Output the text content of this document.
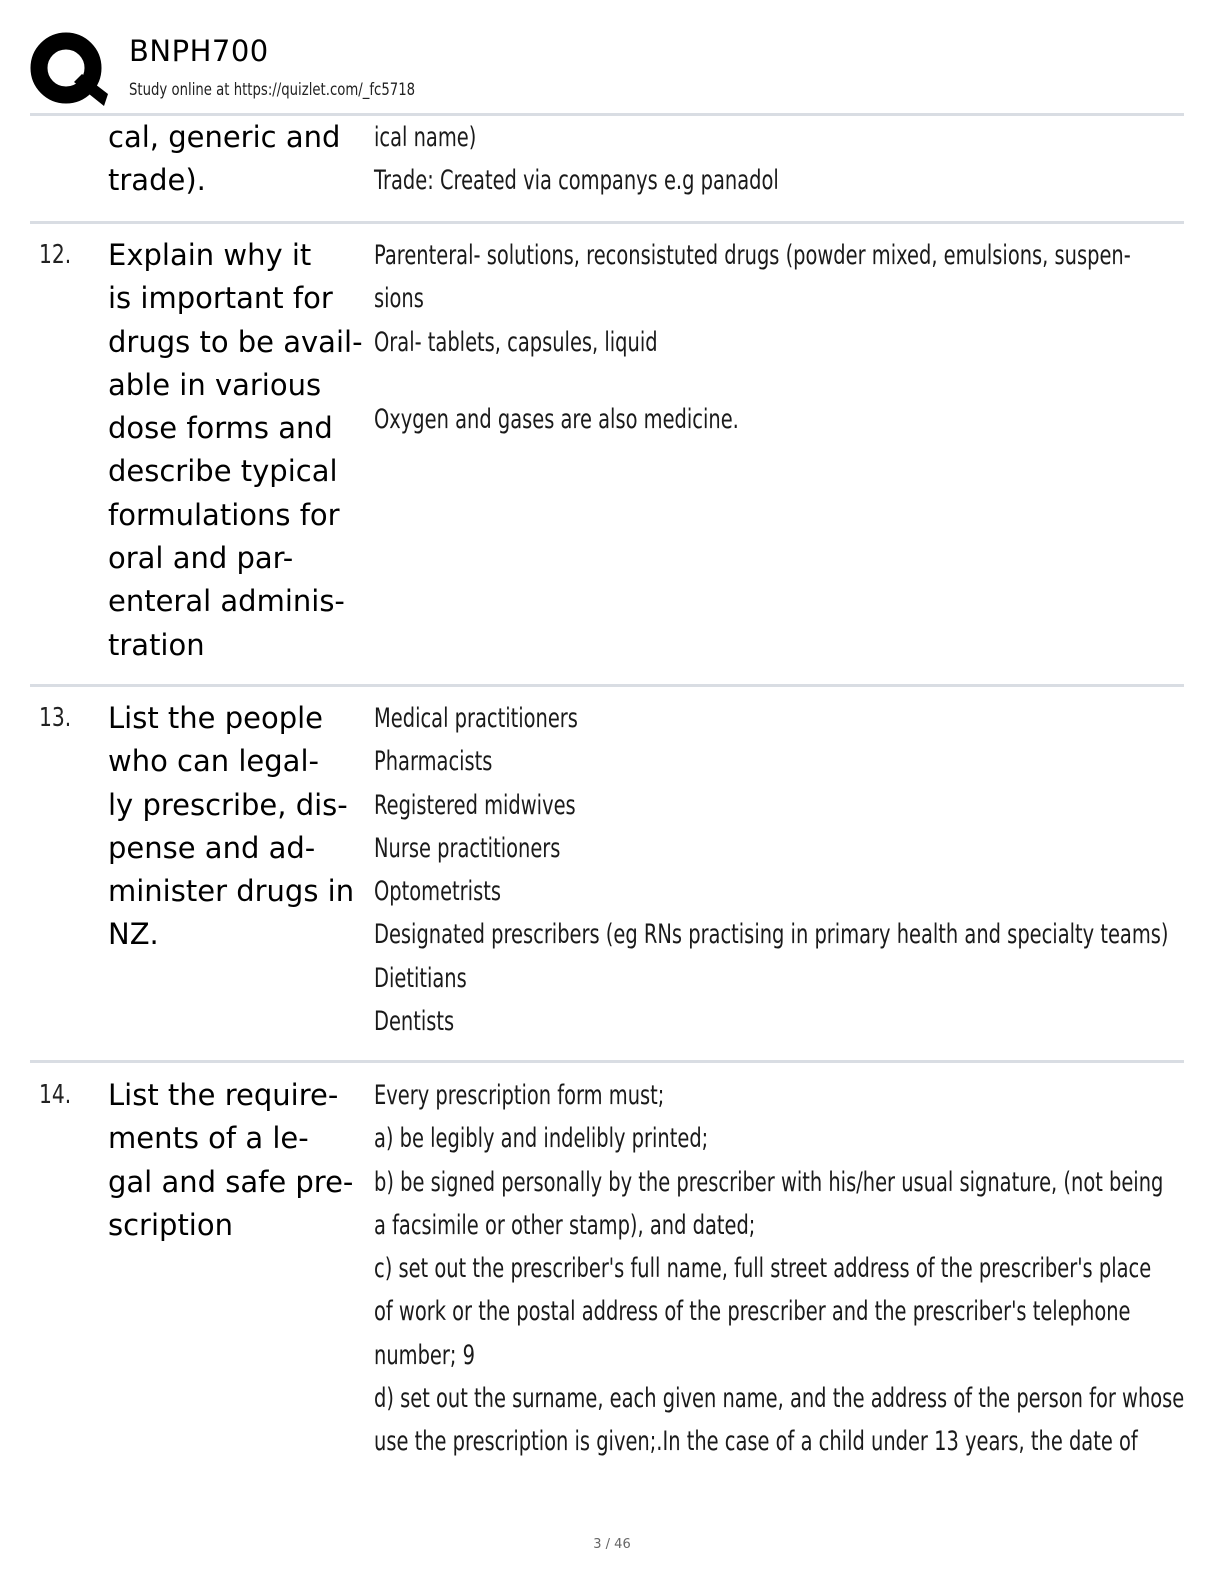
BNPH700
Study online at https://quizlet.com/_fc5718
cal, generic and
trade).
ical name)
Trade: Created via companys e.g panadol
12. Explain why it
is important for
drugs to be avail-
able in various
dose forms and
describe typical
formulations for
oral and par-
enteral adminis-
tration
Parenteral- solutions, reconsistuted drugs (powder mixed, emulsions, suspen-
sions
Oral- tablets, capsules, liquid
Oxygen and gases are also medicine.
13. List the people
who can legal-
ly prescribe, dis-
pense and ad-
minister drugs in
NZ.
Medical practitioners
Pharmacists
Registered midwives
Nurse practitioners
Optometrists
Designated prescribers (eg RNs practising in primary health and specialty teams)
Dietitians
Dentists
14. List the require-
ments of a le-
gal and safe pre-
scription
Every prescription form must;
a) be legibly and indelibly printed;
b) be signed personally by the prescriber with his/her usual signature, (not being
a facsimile or other stamp), and dated;
c) set out the prescriber's full name, full street address of the prescriber's place
of work or the postal address of the prescriber and the prescriber's telephone
number; 9
d) set out the surname, each given name, and the address of the person for whose
use the prescription is given;.In the case of a child under 13 years, the date of
3 / 46
